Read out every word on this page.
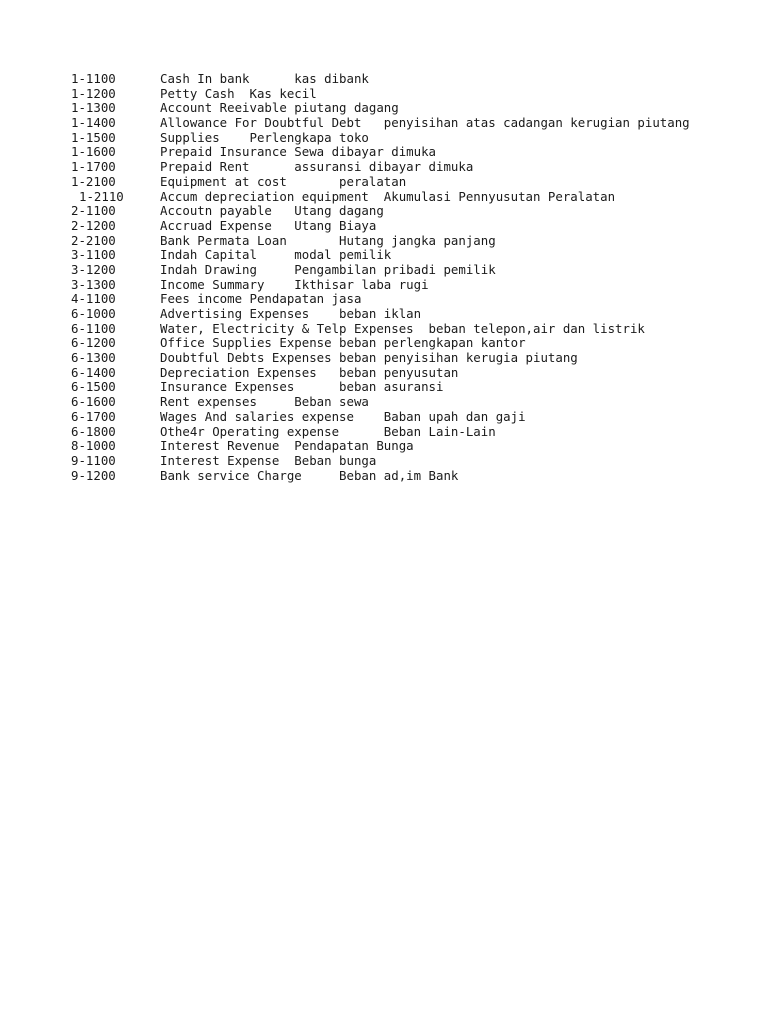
1-1100	Cash In bank      kas dibank
1-1200	Petty Cash  Kas kecil
1-1300	Account Reeivable piutang dagang
1-1400	Allowance For Doubtful Debt   penyisihan atas cadangan kerugian piutang
1-1500	Supplies    Perlengkapa toko
1-1600	Prepaid Insurance Sewa dibayar dimuka
1-1700	Prepaid Rent      assuransi dibayar dimuka
1-2100	Equipment at cost       peralatan
1-2110	Accum depreciation equipment  Akumulasi Pennyusutan Peralatan
2-1100	Accoutn payable   Utang dagang
2-1200	Accruad Expense   Utang Biaya
2-2100	Bank Permata Loan       Hutang jangka panjang
3-1100	Indah Capital     modal pemilik
3-1200	Indah Drawing     Pengambilan pribadi pemilik
3-1300	Income Summary    Ikthisar laba rugi
4-1100	Fees income Pendapatan jasa
6-1000	Advertising Expenses    beban iklan
6-1100	Water, Electricity & Telp Expenses  beban telepon,air dan listrik
6-1200	Office Supplies Expense beban perlengkapan kantor
6-1300	Doubtful Debts Expenses beban penyisihan kerugia piutang
6-1400	Depreciation Expenses   beban penyusutan
6-1500	Insurance Expenses      beban asuransi
6-1600	Rent expenses     Beban sewa
6-1700	Wages And salaries expense    Baban upah dan gaji
6-1800	Othe4r Operating expense      Beban Lain-Lain
8-1000	Interest Revenue  Pendapatan Bunga
9-1100	Interest Expense  Beban bunga
9-1200	Bank service Charge     Beban ad,im Bank
